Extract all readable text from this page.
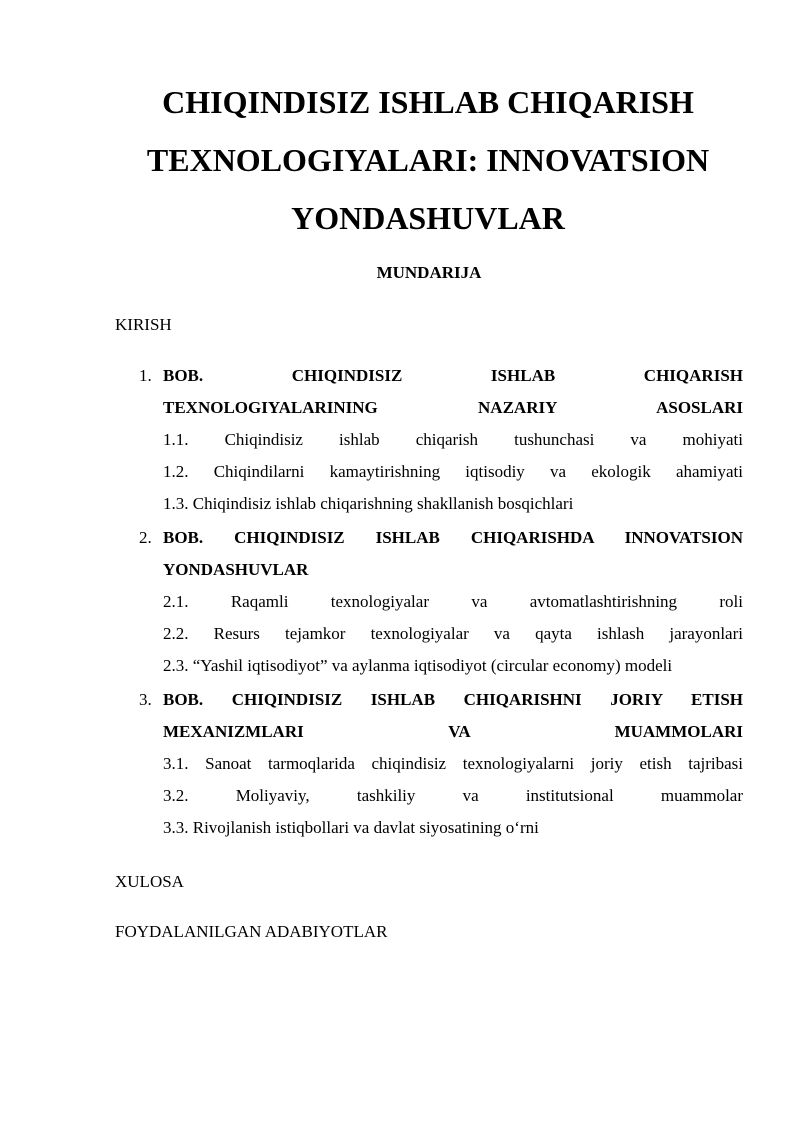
CHIQINDISIZ ISHLAB CHIQARISH
TEXNOLOGIYALARI: INNOVATSION
YONDASHUVLAR
MUNDARIJA
KIRISH
1. BOB. CHIQINDISIZ ISHLAB CHIQARISH
TEXNOLOGIYALARINING NAZARIY ASOSLARI
1.1. Chiqindisiz ishlab chiqarish tushunchasi va mohiyati
1.2. Chiqindilarni kamaytirishning iqtisodiy va ekologik ahamiyati
1.3. Chiqindisiz ishlab chiqarishning shakllanish bosqichlari
2. BOB. CHIQINDISIZ ISHLAB CHIQARISHDA INNOVATSION
YONDASHUVLAR
2.1. Raqamli texnologiyalar va avtomatlashtirishning roli
2.2. Resurs tejamkor texnologiyalar va qayta ishlash jarayonlari
2.3. “Yashil iqtisodiyot” va aylanma iqtisodiyot (circular economy) modeli
3. BOB. CHIQINDISIZ ISHLAB CHIQARISHNI JORIY ETISH
MEXANIZMLARI VA MUAMMOLARI
3.1. Sanoat tarmoqlarida chiqindisiz texnologiyalarni joriy etish tajribasi
3.2. Moliyaviy, tashkiliy va institutsional muammolar
3.3. Rivojlanish istiqbollari va davlat siyosatining o‘rni
XULOSA
FOYDALANILGAN ADABIYOTLAR
